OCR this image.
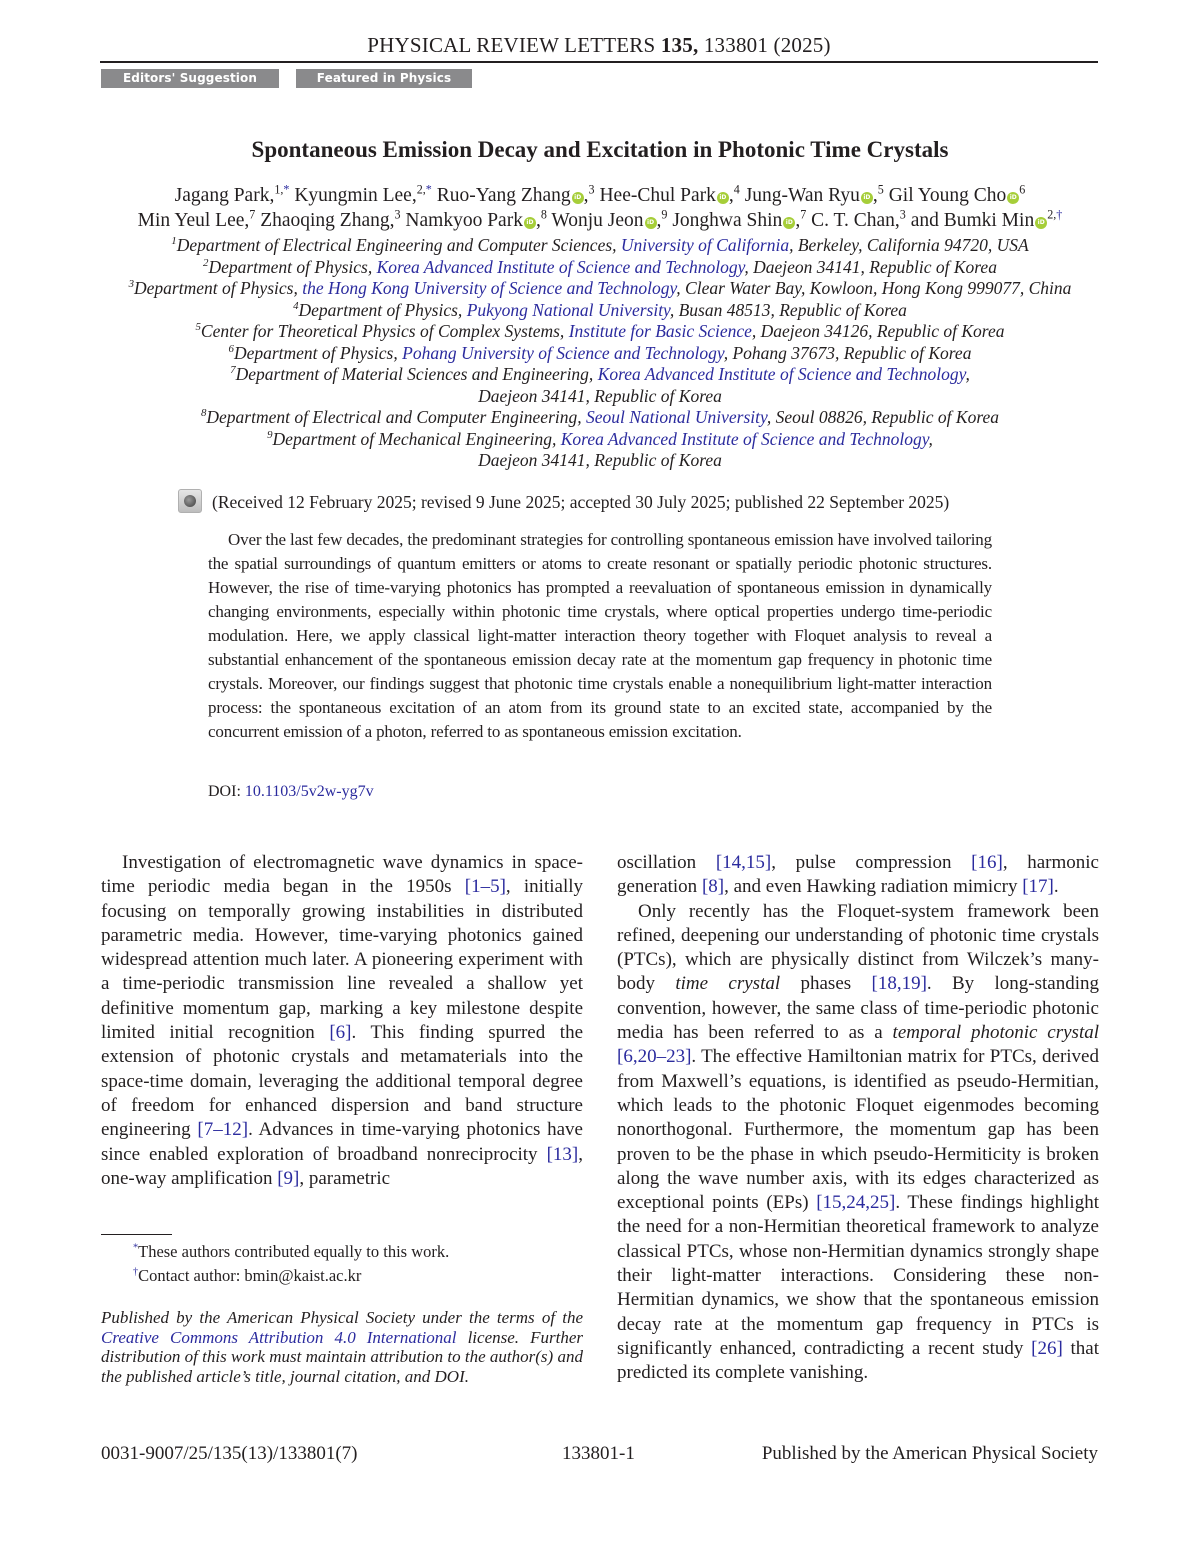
PHYSICAL REVIEW LETTERS 135, 133801 (2025)
Editors' Suggestion	Featured in Physics
Spontaneous Emission Decay and Excitation in Photonic Time Crystals
Jagang Park,$^{1,*}$ Kyungmin Lee,$^{2,*}$ Ruo-Yang Zhang iD ,$^3$ Hee-Chul Park iD ,$^4$ Jung-Wan Ryu iD ,$^5$ Gil Young Cho $iD^6$
Min Yeul Lee,$^7$ Zhaoqing Zhang,$^3$ Namkyoo Park iD ,$^8$ Wonju Jeon iD ,$^9$ Jonghwa Shin iD ,$^7$ C. T. Chan,$^3$ and Bumki Min $iD^{2,\dagger}$
$^1$Department of Electrical Engineering and Computer Sciences, University of California, Berkeley, California 94720, USA
$^2$Department of Physics, Korea Advanced Institute of Science and Technology, Daejeon 34141, Republic of Korea
$^3$Department of Physics, the Hong Kong University of Science and Technology, Clear Water Bay, Kowloon, Hong Kong 999077, China
$^4$Department of Physics, Pukyong National University, Busan 48513, Republic of Korea
$^5$Center for Theoretical Physics of Complex Systems, Institute for Basic Science, Daejeon 34126, Republic of Korea
$^6$Department of Physics, Pohang University of Science and Technology, Pohang 37673, Republic of Korea
$^7$Department of Material Sciences and Engineering, Korea Advanced Institute of Science and Technology,
Daejeon 34141, Republic of Korea
$^8$Department of Electrical and Computer Engineering, Seoul National University, Seoul 08826, Republic of Korea
$^9$Department of Mechanical Engineering, Korea Advanced Institute of Science and Technology,
Daejeon 34141, Republic of Korea
(Received 12 February 2025; revised 9 June 2025; accepted 30 July 2025; published 22 September 2025)
Over the last few decades, the predominant strategies for controlling spontaneous emission have involved tailoring the spatial surroundings of quantum emitters or atoms to create resonant or spatially periodic photonic structures. However, the rise of time-varying photonics has prompted a reevaluation of spontaneous emission in dynamically changing environments, especially within photonic time crystals, where optical properties undergo time-periodic modulation. Here, we apply classical light-matter interaction theory together with Floquet analysis to reveal a substantial enhancement of the spontaneous emission decay rate at the momentum gap frequency in photonic time crystals. Moreover, our findings suggest that photonic time crystals enable a nonequilibrium light-matter interaction process: the spontaneous excitation of an atom from its ground state to an excited state, accompanied by the concurrent emission of a photon, referred to as spontaneous emission excitation.
DOI: 10.1103/5v2w-yg7v

Investigation of electromagnetic wave dynamics in space-time periodic media began in the 1950s [1–5], initially focusing on temporally growing instabilities in distributed parametric media. However, time-varying photonics gained widespread attention much later. A pioneering experiment with a time-periodic transmission line revealed a shallow yet definitive momentum gap, marking a key milestone despite limited initial recognition [6]. This finding spurred the extension of photonic crystals and metamaterials into the space-time domain, leveraging the additional temporal degree of freedom for enhanced dispersion and band structure engineering [7–12]. Advances in time-varying photonics have since enabled exploration of broadband nonreciprocity [13], one-way amplification [9], parametric

oscillation [14,15], pulse compression [16], harmonic generation [8], and even Hawking radiation mimicry [17].

Only recently has the Floquet-system framework been refined, deepening our understanding of photonic time crystals (PTCs), which are physically distinct from Wilczek’s many-body time crystal phases [18,19]. By long-standing convention, however, the same class of time-periodic photonic media has been referred to as a temporal photonic crystal [6,20–23]. The effective Hamiltonian matrix for PTCs, derived from Maxwell’s equations, is identified as pseudo-Hermitian, which leads to the photonic Floquet eigenmodes becoming nonorthogonal. Furthermore, the momentum gap has been proven to be the phase in which pseudo-Hermiticity is broken along the wave number axis, with its edges characterized as exceptional points (EPs) [15,24,25]. These findings highlight the need for a non-Hermitian theoretical framework to analyze classical PTCs, whose non-Hermitian dynamics strongly shape their light-matter interactions. Considering these non-Hermitian dynamics, we show that the spontaneous emission decay rate at the momentum gap frequency in PTCs is significantly enhanced, contradicting a recent study [26] that predicted its complete vanishing.

*These authors contributed equally to this work.
†Contact author: bmin@kaist.ac.kr
Published by the American Physical Society under the terms of the Creative Commons Attribution 4.0 International license. Further distribution of this work must maintain attribution to the author(s) and the published article’s title, journal citation, and DOI.
0031-9007/25/135(13)/133801(7)	133801-1	Published by the American Physical Society
